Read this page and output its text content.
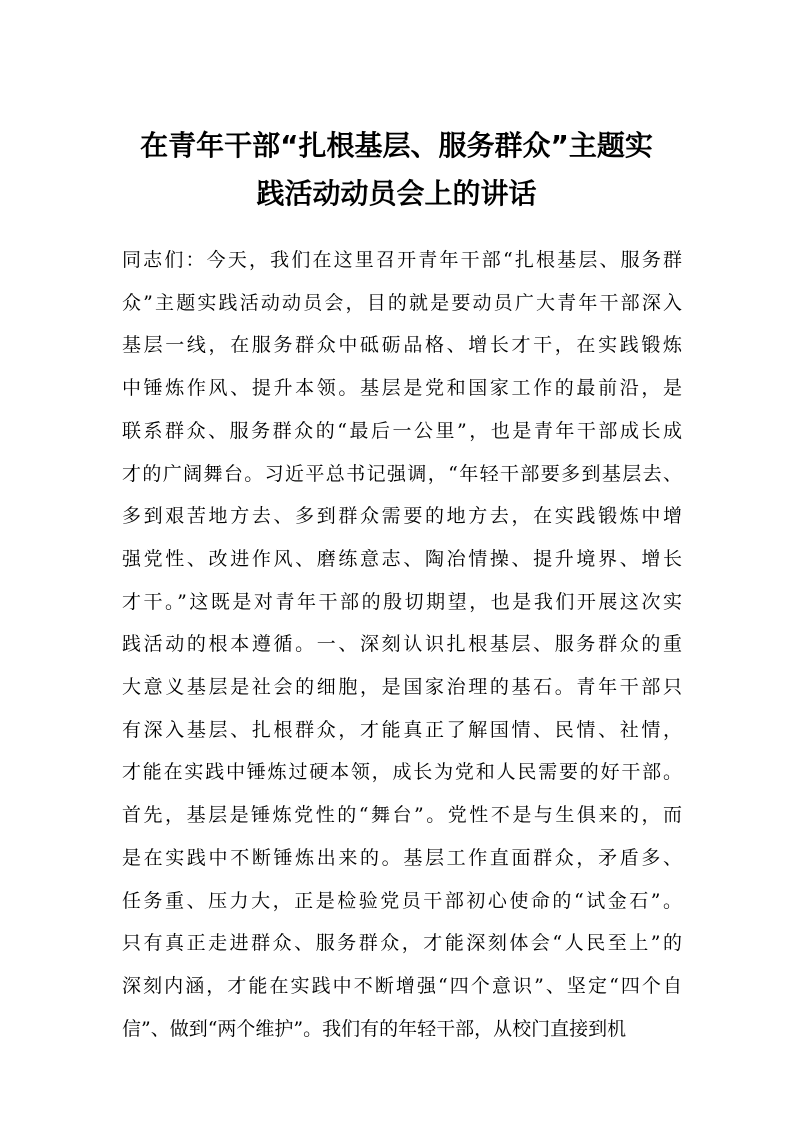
在青年干部“扎根基层、服务群众”主题实
践活动动员会上的讲话
同志们：今天，我们在这里召开青年干部“扎根基层、服务群
众”主题实践活动动员会，目的就是要动员广大青年干部深入
基层一线，在服务群众中砥砺品格、增长才干，在实践锻炼
中锤炼作风、提升本领。基层是党和国家工作的最前沿，是
联系群众、服务群众的“最后一公里”，也是青年干部成长成
才的广阔舞台。习近平总书记强调，“年轻干部要多到基层去、
多到艰苦地方去、多到群众需要的地方去，在实践锻炼中增
强党性、改进作风、磨练意志、陶冶情操、提升境界、增长
才干。”这既是对青年干部的殷切期望，也是我们开展这次实
践活动的根本遵循。一、深刻认识扎根基层、服务群众的重
大意义基层是社会的细胞，是国家治理的基石。青年干部只
有深入基层、扎根群众，才能真正了解国情、民情、社情，
才能在实践中锤炼过硬本领，成长为党和人民需要的好干部。
首先，基层是锤炼党性的“舞台”。党性不是与生俱来的，而
是在实践中不断锤炼出来的。基层工作直面群众，矛盾多、
任务重、压力大，正是检验党员干部初心使命的“试金石”。
只有真正走进群众、服务群众，才能深刻体会“人民至上”的
深刻内涵，才能在实践中不断增强“四个意识”、坚定“四个自
信”、做到“两个维护”。我们有的年轻干部，从校门直接到机
